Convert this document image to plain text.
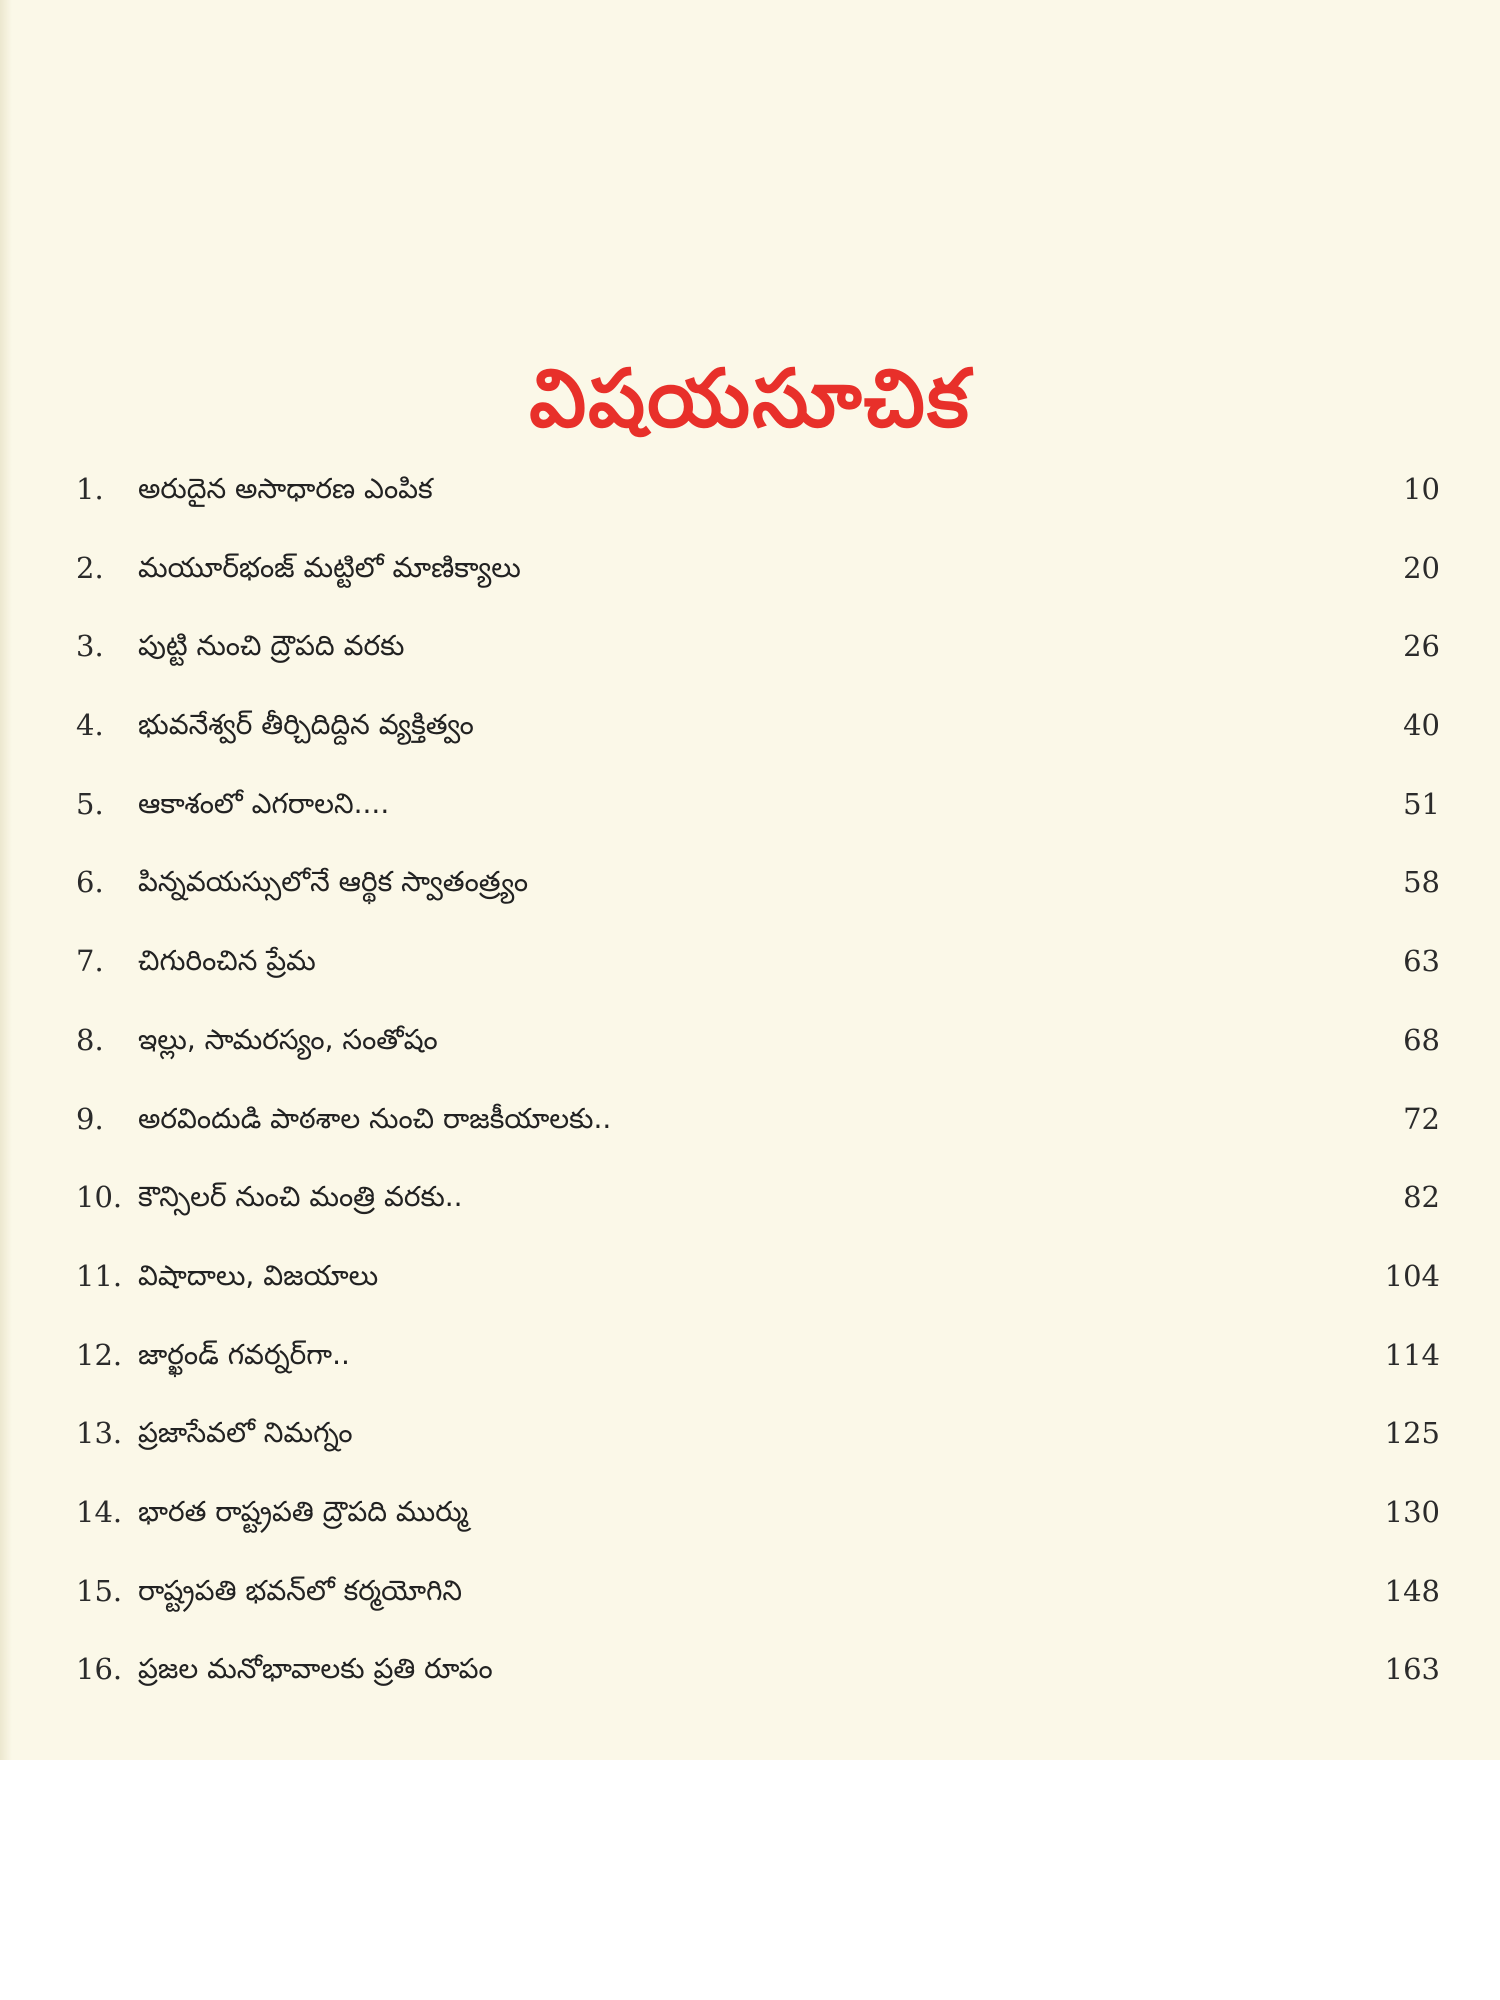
విషయసూచిక
1.	అరుదైన అసాధారణ ఎంపిక	10
2.	మయూర్‌భంజ్ మట్టిలో మాణిక్యాలు	20
3.	పుట్టి నుంచి ద్రౌపది వరకు	26
4.	భువనేశ్వర్ తీర్చిదిద్దిన వ్యక్తిత్వం	40
5.	ఆకాశంలో ఎగరాలని....	51
6.	పిన్నవయస్సులోనే ఆర్థిక స్వాతంత్ర్యం	58
7.	చిగురించిన ప్రేమ	63
8.	ఇల్లు, సామరస్యం, సంతోషం	68
9.	అరవిందుడి పాఠశాల నుంచి రాజకీయాలకు..	72
10. కౌన్సిలర్ నుంచి మంత్రి వరకు..	82
11. విషాదాలు, విజయాలు	104
12. జార్ఖండ్ గవర్నర్‌గా..	114
13. ప్రజాసేవలో నిమగ్నం	125
14. భారత రాష్ట్రపతి ద్రౌపది ముర్ము	130
15. రాష్ట్రపతి భవన్‌లో కర్మయోగిని	148
16. ప్రజల మనోభావాలకు ప్రతి రూపం	163
